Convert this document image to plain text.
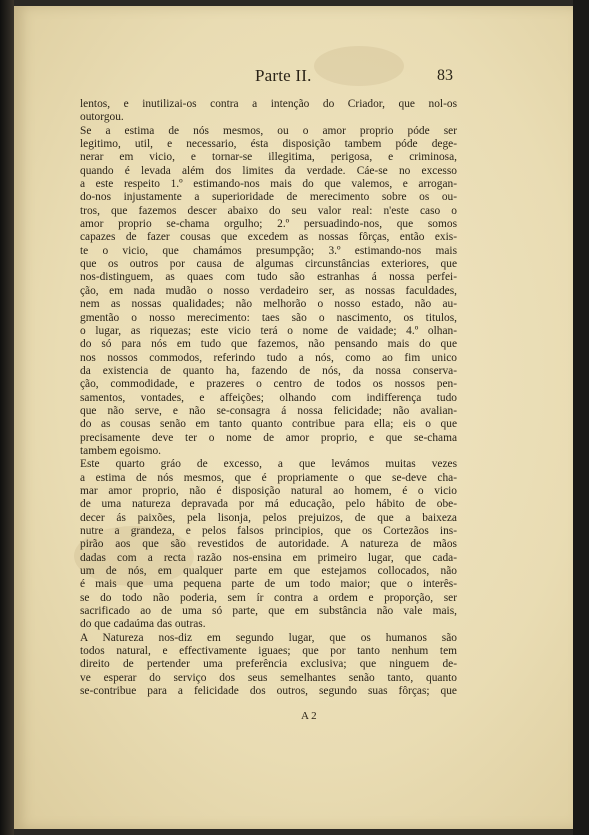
Parte II.	83
lentos, e inutilizai-os contra a intenção do Criador, que nol-os
outorgou.
Se a estima de nós mesmos, ou o amor proprio póde ser
legitimo, util, e necessario, ésta disposição tambem póde dege-
nerar em vicio, e tornar-se illegitima, perigosa, e criminosa,
quando é levada além dos limites da verdade. Cáe-se no excesso
a este respeito 1.º estimando-nos mais do que valemos, e arrogan-
do-nos injustamente a superioridade de merecimento sobre os ou-
tros, que fazemos descer abaixo do seu valor real: n'este caso o
amor proprio se-chama orgulho; 2.º persuadindo-nos, que somos
capazes de fazer cousas que excedem as nossas fôrças, então exis-
te o vicio, que chamámos presumpção; 3.º estimando-nos mais
que os outros por causa de algumas circunstâncias exteriores, que
nos-distinguem, as quaes com tudo são estranhas á nossa perfei-
ção, em nada mudão o nosso verdadeiro ser, as nossas faculdades,
nem as nossas qualidades; não melhorão o nosso estado, não au-
gmentão o nosso merecimento: taes são o nascimento, os titulos,
o lugar, as riquezas; este vicio terá o nome de vaidade; 4.º olhan-
do só para nós em tudo que fazemos, não pensando mais do que
nos nossos commodos, referindo tudo a nós, como ao fim unico
da existencia de quanto ha, fazendo de nós, da nossa conserva-
ção, commodidade, e prazeres o centro de todos os nossos pen-
samentos, vontades, e affeições; olhando com indifferença tudo
que não serve, e não se-consagra á nossa felicidade; não avalian-
do as cousas senão em tanto quanto contribue para ella; eis o que
precisamente deve ter o nome de amor proprio, e que se-chama
tambem egoismo.
Este quarto gráo de excesso, a que levámos muitas vezes
a estima de nós mesmos, que é propriamente o que se-deve cha-
mar amor proprio, não é disposição natural ao homem, é o vicio
de uma natureza depravada por má educação, pelo hábito de obe-
decer ás paixões, pela lisonja, pelos prejuizos, de que a baixeza
nutre a grandeza, e pelos falsos principios, que os Cortezãos ins-
pirão aos que são revestidos de autoridade. A natureza de mãos
dadas com a recta razão nos-ensina em primeiro lugar, que cada-
um de nós, em qualquer parte em que estejamos collocados, não
é mais que uma pequena parte de um todo maior; que o interês-
se do todo não poderia, sem ír contra a ordem e proporção, ser
sacrificado ao de uma só parte, que em substância não vale mais,
do que cadaúma das outras.
A Natureza nos-diz em segundo lugar, que os humanos são
todos natural, e effectivamente iguaes; que por tanto nenhum tem
direito de pertender uma preferência exclusiva; que ninguem de-
ve esperar do serviço dos seus semelhantes senão tanto, quanto
se-contribue para a felicidade dos outros, segundo suas fôrças; que
A 2
